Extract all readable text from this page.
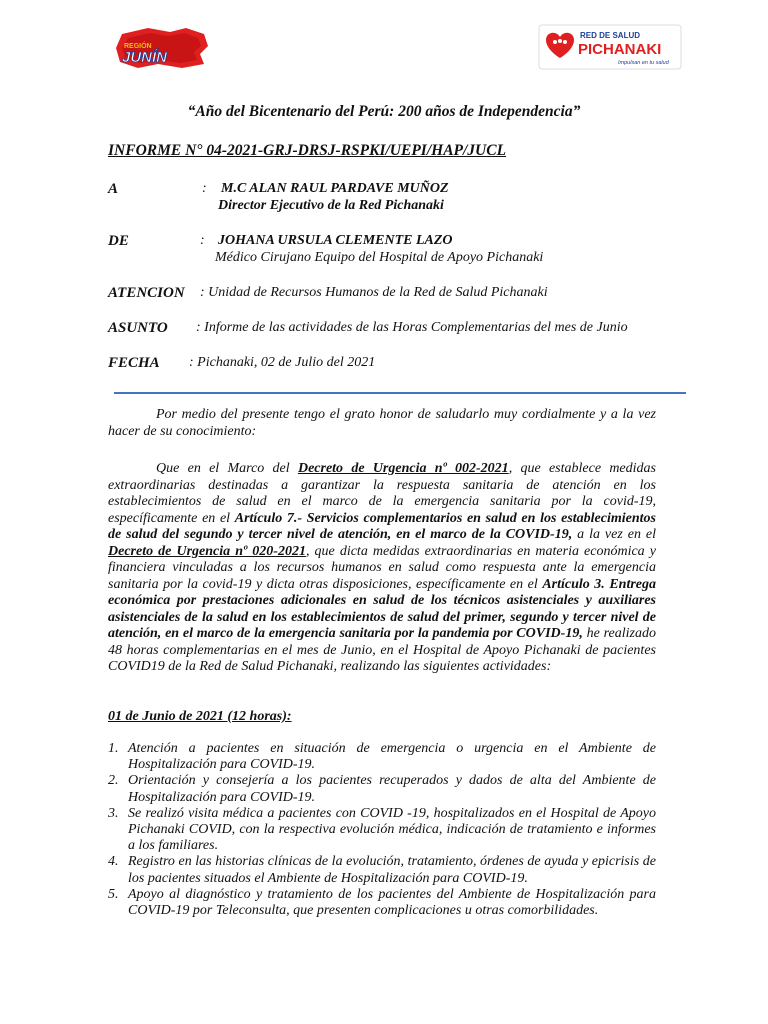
REGIÓN
JUNÍN
RED DE SALUD
PICHANAKI
Impulsan en tu salud
“Año del Bicentenario del Perú: 200 años de Independencia”
INFORME N° 04-2021-GRJ-DRSJ-RSPKI/UEPI/HAP/JUCL
A	: M.C ALAN RAUL PARDAVE MUÑOZ
Director Ejecutivo de la Red Pichanaki
DE	: JOHANA URSULA CLEMENTE LAZO
Médico Cirujano Equipo del Hospital de Apoyo Pichanaki
ATENCION : Unidad de Recursos Humanos de la Red de Salud Pichanaki
ASUNTO : Informe de las actividades de las Horas Complementarias del mes de Junio
FECHA : Pichanaki, 02 de Julio del 2021

Por medio del presente tengo el grato honor de saludarlo muy cordialmente y a la vez hacer de su conocimiento:

Que en el Marco del Decreto de Urgencia nº 002-2021, que establece medidas extraordinarias destinadas a garantizar la respuesta sanitaria de atención en los establecimientos de salud en el marco de la emergencia sanitaria por la covid-19, específicamente en el Artículo 7.- Servicios complementarios en salud en los establecimientos de salud del segundo y tercer nivel de atención, en el marco de la COVID-19, a la vez en el Decreto de Urgencia nº 020-2021, que dicta medidas extraordinarias en materia económica y financiera vinculadas a los recursos humanos en salud como respuesta ante la emergencia sanitaria por la covid-19 y dicta otras disposiciones, específicamente en el Artículo 3. Entrega económica por prestaciones adicionales en salud de los técnicos asistenciales y auxiliares asistenciales de la salud en los establecimientos de salud del primer, segundo y tercer nivel de atención, en el marco de la emergencia sanitaria por la pandemia por COVID-19, he realizado 48 horas complementarias en el mes de Junio, en el Hospital de Apoyo Pichanaki de pacientes COVID19 de la Red de Salud Pichanaki, realizando las siguientes actividades:

01 de Junio de 2021 (12 horas):
1. Atención a pacientes en situación de emergencia o urgencia en el Ambiente de Hospitalización para COVID-19.
2. Orientación y consejería a los pacientes recuperados y dados de alta del Ambiente de Hospitalización para COVID-19.
3. Se realizó visita médica a pacientes con COVID -19, hospitalizados en el Hospital de Apoyo Pichanaki COVID, con la respectiva evolución médica, indicación de tratamiento e informes a los familiares.
4. Registro en las historias clínicas de la evolución, tratamiento, órdenes de ayuda y epicrisis de los pacientes situados el Ambiente de Hospitalización para COVID-19.
5. Apoyo al diagnóstico y tratamiento de los pacientes del Ambiente de Hospitalización para COVID-19 por Teleconsulta, que presenten complicaciones u otras comorbilidades.
